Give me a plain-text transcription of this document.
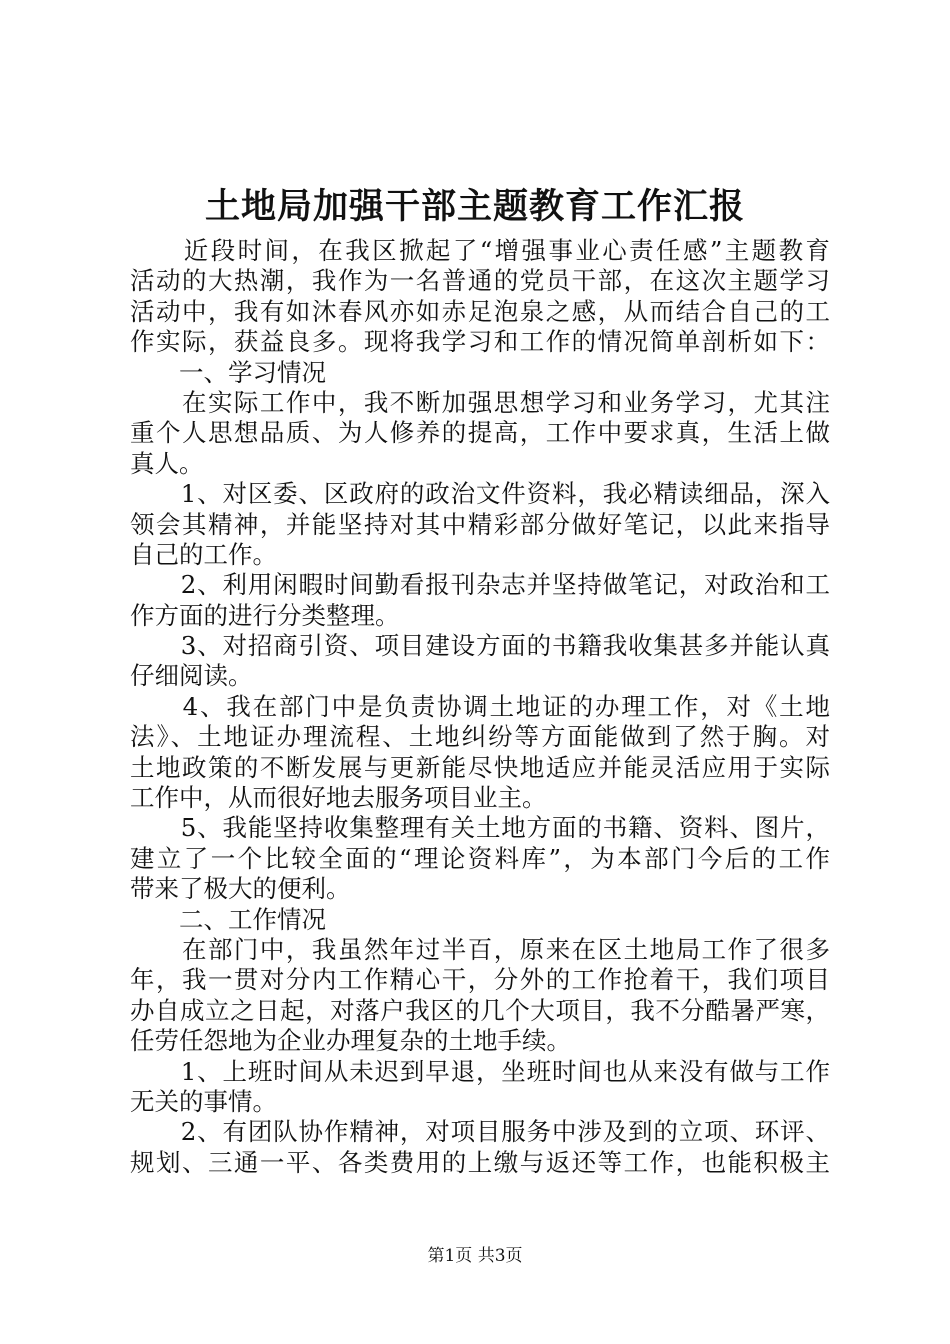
土地局加强干部主题教育工作汇报
　　近段时间，在我区掀起了“增强事业心责任感”主题教育
活动的大热潮，我作为一名普通的党员干部，在这次主题学习
活动中，我有如沐春风亦如赤足泡泉之感，从而结合自己的工
作实际，获益良多。现将我学习和工作的情况简单剖析如下：
　　一、学习情况
　　在实际工作中，我不断加强思想学习和业务学习，尤其注
重个人思想品质、为人修养的提高，工作中要求真，生活上做
真人。
　　1、对区委、区政府的政治文件资料，我必精读细品，深入
领会其精神，并能坚持对其中精彩部分做好笔记，以此来指导
自己的工作。
　　2、利用闲暇时间勤看报刊杂志并坚持做笔记，对政治和工
作方面的进行分类整理。
　　3、对招商引资、项目建设方面的书籍我收集甚多并能认真
仔细阅读。
　　4、我在部门中是负责协调土地证的办理工作，对《土地
法》、土地证办理流程、土地纠纷等方面能做到了然于胸。对
土地政策的不断发展与更新能尽快地适应并能灵活应用于实际
工作中，从而很好地去服务项目业主。
　　5、我能坚持收集整理有关土地方面的书籍、资料、图片，
建立了一个比较全面的“理论资料库”，为本部门今后的工作
带来了极大的便利。
　　二、工作情况
　　在部门中，我虽然年过半百，原来在区土地局工作了很多
年，我一贯对分内工作精心干，分外的工作抢着干，我们项目
办自成立之日起，对落户我区的几个大项目，我不分酷暑严寒，
任劳任怨地为企业办理复杂的土地手续。
　　1、上班时间从未迟到早退，坐班时间也从来没有做与工作
无关的事情。
　　2、有团队协作精神，对项目服务中涉及到的立项、环评、
规划、三通一平、各类费用的上缴与返还等工作，也能积极主
第1页 共3页
